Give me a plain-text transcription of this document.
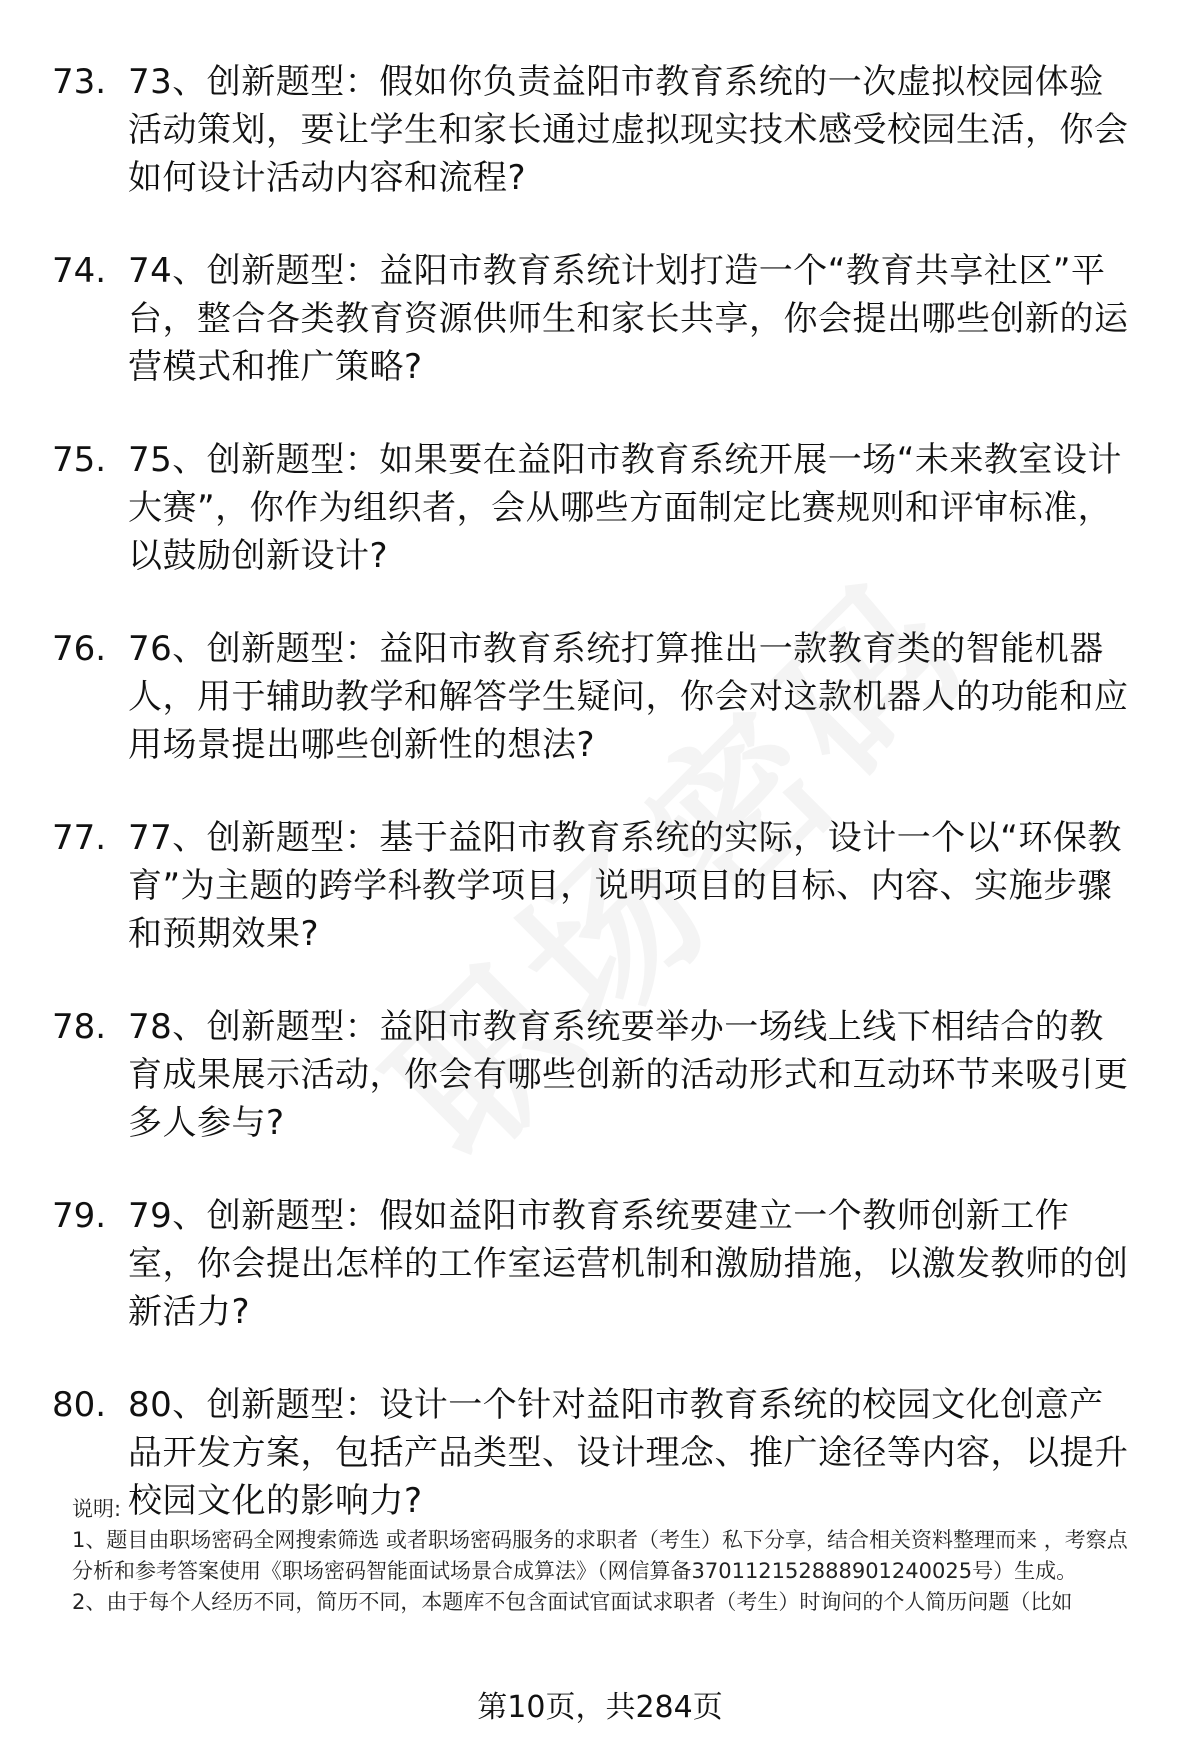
73. 73、创新题型：假如你负责益阳市教育系统的一次虚拟校园体验活动策划，要让学生和家长通过虚拟现实技术感受校园生活，你会如何设计活动内容和流程?
74. 74、创新题型：益阳市教育系统计划打造一个“教育共享社区”平台，整合各类教育资源供师生和家长共享，你会提出哪些创新的运营模式和推广策略?
75. 75、创新题型：如果要在益阳市教育系统开展一场“未来教室设计大赛”，你作为组织者，会从哪些方面制定比赛规则和评审标准，以鼓励创新设计?
76. 76、创新题型：益阳市教育系统打算推出一款教育类的智能机器人，用于辅助教学和解答学生疑问，你会对这款机器人的功能和应用场景提出哪些创新性的想法?
77. 77、创新题型：基于益阳市教育系统的实际，设计一个以“环保教育”为主题的跨学科教学项目，说明项目的目标、内容、实施步骤和预期效果?
78. 78、创新题型：益阳市教育系统要举办一场线上线下相结合的教育成果展示活动，你会有哪些创新的活动形式和互动环节来吸引更多人参与?
79. 79、创新题型：假如益阳市教育系统要建立一个教师创新工作室，你会提出怎样的工作室运营机制和激励措施，以激发教师的创新活力?
80. 80、创新题型：设计一个针对益阳市教育系统的校园文化创意产品开发方案，包括产品类型、设计理念、推广途径等内容，以提升校园文化的影响力?

说明:

1、题目由职场密码全网搜索筛选 或者职场密码服务的求职者（考生）私下分享，结合相关资料整理而来 ，考察点分析和参考答案使用《职场密码智能面试场景合成算法》（网信算备370112152888901240025号）生成。

2、由于每个人经历不同，简历不同，本题库不包含面试官面试求职者（考生）时询问的个人简历问题（比如

第10页，共284页
